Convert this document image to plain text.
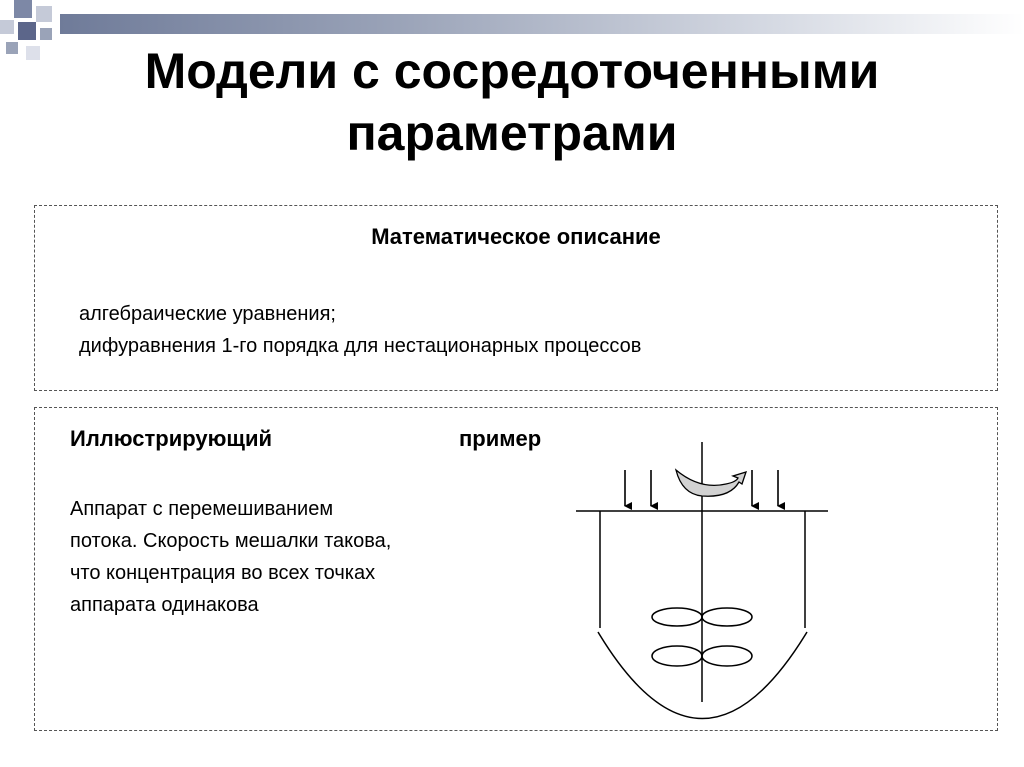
Модели с сосредоточенными
параметрами
Математическое описание
алгебраические уравнения;
дифуравнения 1-го порядка для нестационарных процессов
Иллюстрирующий	пример
Аппарат с перемешиванием
потока. Скорость мешалки такова,
что концентрация во всех точках
аппарата одинакова
